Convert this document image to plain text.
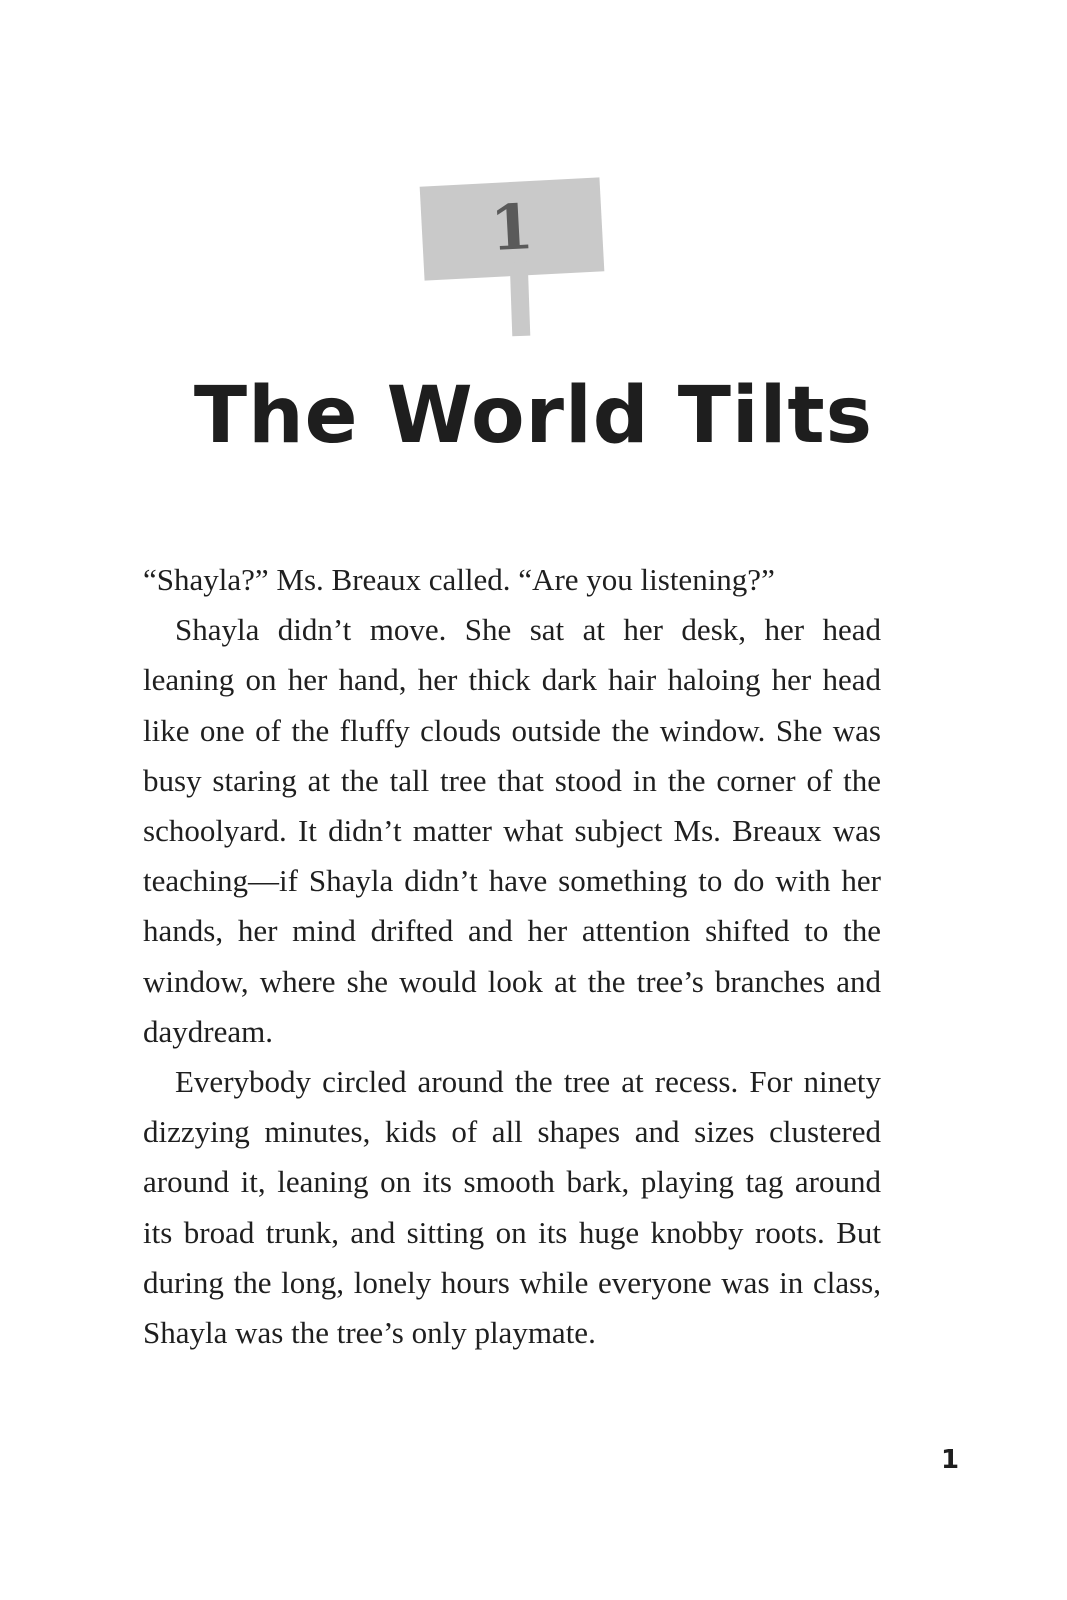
1
The World Tilts

“Shayla?” Ms. Breaux called. “Are you listening?”

Shayla didn’t move. She sat at her desk, her head leaning on her hand, her thick dark hair haloing her head like one of the fluffy clouds outside the window. She was busy staring at the tall tree that stood in the corner of the schoolyard. It didn’t matter what subject Ms. Breaux was teaching—if Shayla didn’t have something to do with her hands, her mind drifted and her attention shifted to the window, where she would look at the tree’s branches and daydream.

Everybody circled around the tree at recess. For ninety dizzying minutes, kids of all shapes and sizes clustered around it, leaning on its smooth bark, playing tag around its broad trunk, and sitting on its huge knobby roots. But during the long, lonely hours while everyone was in class, Shayla was the tree’s only playmate.

1
